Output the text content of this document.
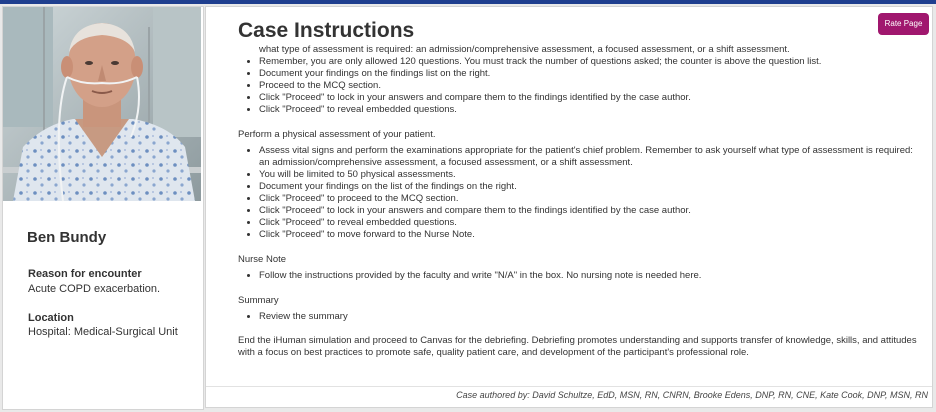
Ben Bundy
Reason for encounter
Acute COPD exacerbation.
Location
Hospital: Medical-Surgical Unit
Case Instructions	Rate Page
what type of assessment is required: an admission/comprehensive assessment, a focused assessment, or a shift assessment.
• Remember, you are only allowed 120 questions. You must track the number of questions asked; the counter is above the question list.
• Document your findings on the findings list on the right.
• Proceed to the MCQ section.
• Click "Proceed" to lock in your answers and compare them to the findings identified by the case author.
• Click "Proceed" to reveal embedded questions.

Perform a physical assessment of your patient.

• Assess vital signs and perform the examinations appropriate for the patient's chief problem. Remember to ask yourself what type of assessment is required: an admission/comprehensive assessment, a focused assessment, or a shift assessment.
• You will be limited to 50 physical assessments.
• Document your findings on the list of the findings on the right.
• Click "Proceed" to proceed to the MCQ section.
• Click "Proceed" to lock in your answers and compare them to the findings identified by the case author.
• Click "Proceed" to reveal embedded questions.
• Click "Proceed" to move forward to the Nurse Note.

Nurse Note

• Follow the instructions provided by the faculty and write "N/A" in the box. No nursing note is needed here.

Summary

• Review the summary

End the iHuman simulation and proceed to Canvas for the debriefing. Debriefing promotes understanding and supports transfer of knowledge, skills, and attitudes with a focus on best practices to promote safe, quality patient care, and development of the participant's professional role.

Case authored by: David Schultze, EdD, MSN, RN, CNRN, Brooke Edens, DNP, RN, CNE, Kate Cook, DNP, MSN, RN
